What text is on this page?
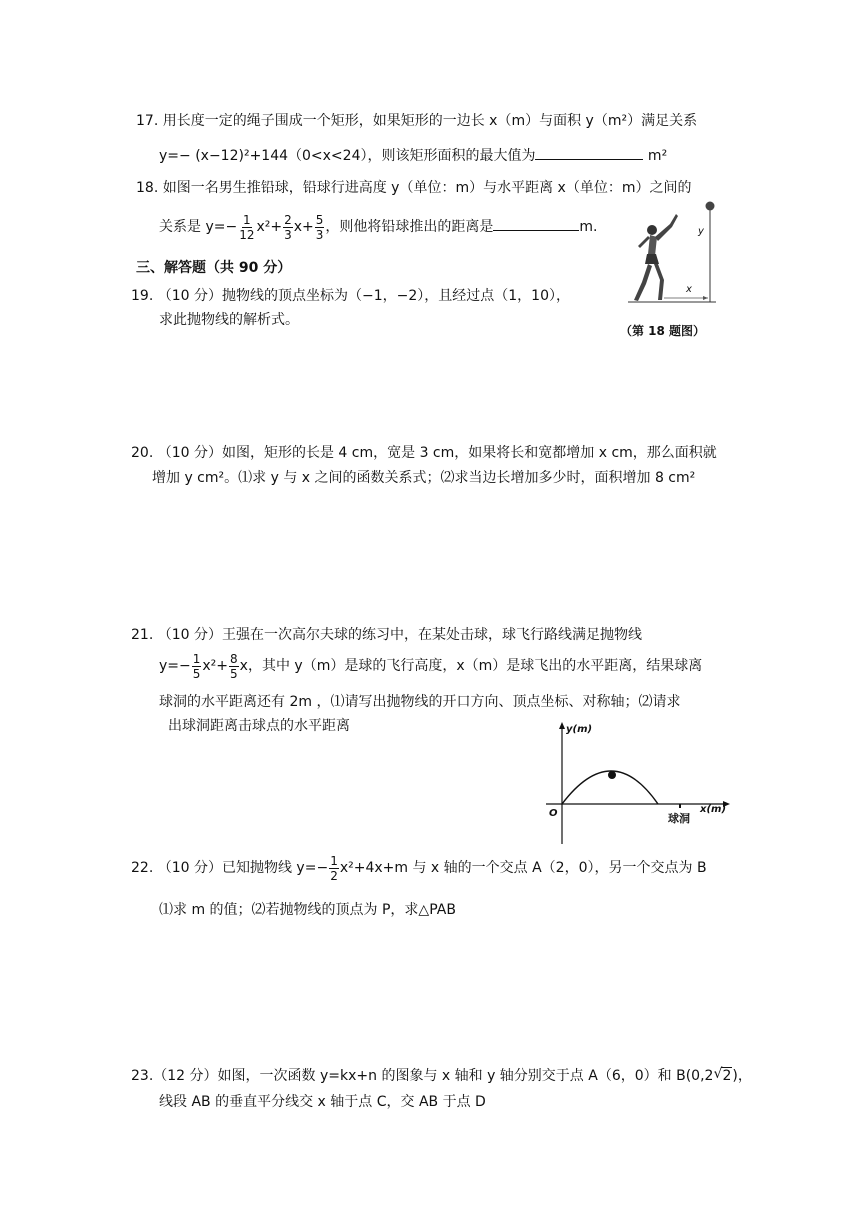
17. 用长度一定的绳子围成一个矩形，如果矩形的一边长 x（m）与面积 y（m²）满足关系
y=− (x−12)²+144（0<x<24），则该矩形面积的最大值为	m²
18. 如图一名男生推铅球，铅球行进高度 y（单位：m）与水平距离 x（单位：m）之间的
关系是 $y=- \frac{1}{12} x^2+ \frac{2}{3} x+ \frac{5}{3}$ ，则他将铅球推出的距离是	m.	y
x
（第 18 题图）
三、解答题（共 90 分）
19. （10 分）抛物线的顶点坐标为（−1，−2），且经过点（1，10），
求此抛物线的解析式。
20. （10 分）如图，矩形的长是 4 cm，宽是 3 cm，如果将长和宽都增加 x cm，那么面积就
增加 y cm²。⑴求 y 与 x 之间的函数关系式；⑵求当边长增加多少时，面积增加 8 cm²
21. （10 分）王强在一次高尔夫球的练习中，在某处击球，球飞行路线满足抛物线
$y=- \frac{1}{5} x^2+ \frac{8}{5}$ x，其中 y（m）是球的飞行高度，x（m）是球飞出的水平距离，结果球离
球洞的水平距离还有 2m ，⑴请写出抛物线的开口方向、顶点坐标、对称轴；⑵请求
出球洞距离击球点的水平距离	y(m)
x(m)
O	球洞
22. （10 分）已知抛物线 $y=- \frac{1}{2} x^2+4x+m$ 与 x 轴的一个交点 A（2，0），另一个交点为 B
⑴求 m 的值；⑵若抛物线的顶点为 P，求△PAB
23.（12 分）如图，一次函数 y=kx+n 的图象与 x 轴和 y 轴分别交于点 A（6，0）和 B(0,2 √ 2)，
线段 AB 的垂直平分线交 x 轴于点 C，交 AB 于点 D
